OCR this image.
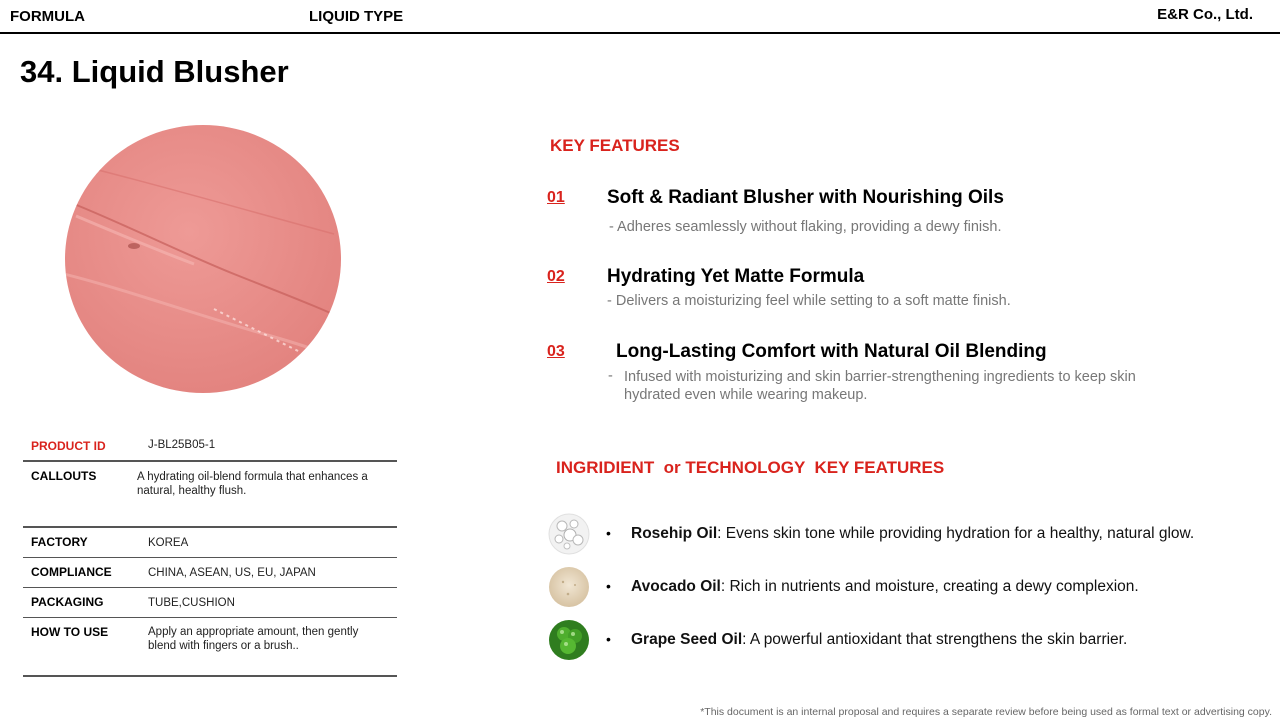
FORMULA	LIQUID TYPE	E&R Co., Ltd.
34. Liquid Blusher
PRODUCT ID	J-BL25B05-1
CALLOUTS	A hydrating oil-blend formula that enhances a natural, healthy flush.
FACTORY	KOREA
COMPLIANCE	CHINA, ASEAN, US, EU, JAPAN
PACKAGING	TUBE,CUSHION
HOW TO USE	Apply an appropriate amount, then gently blend with fingers or a brush..
KEY FEATURES
01 Soft & Radiant Blusher with Nourishing Oils
- Adheres seamlessly without flaking, providing a dewy finish.
02 Hydrating Yet Matte Formula
- Delivers a moisturizing feel while setting to a soft matte finish.
03	Long-Lasting Comfort with Natural Oil Blending
- Infused with moisturizing and skin barrier-strengthening ingredients to keep skin hydrated even while wearing makeup.
INGRIDIENT  or TECHNOLOGY  KEY FEATURES
• Rosehip Oil: Evens skin tone while providing hydration for a healthy, natural glow.
• Avocado Oil: Rich in nutrients and moisture, creating a dewy complexion.
• Grape Seed Oil: A powerful antioxidant that strengthens the skin barrier.
*This document is an internal proposal and requires a separate review before being used as formal text or advertising copy.
